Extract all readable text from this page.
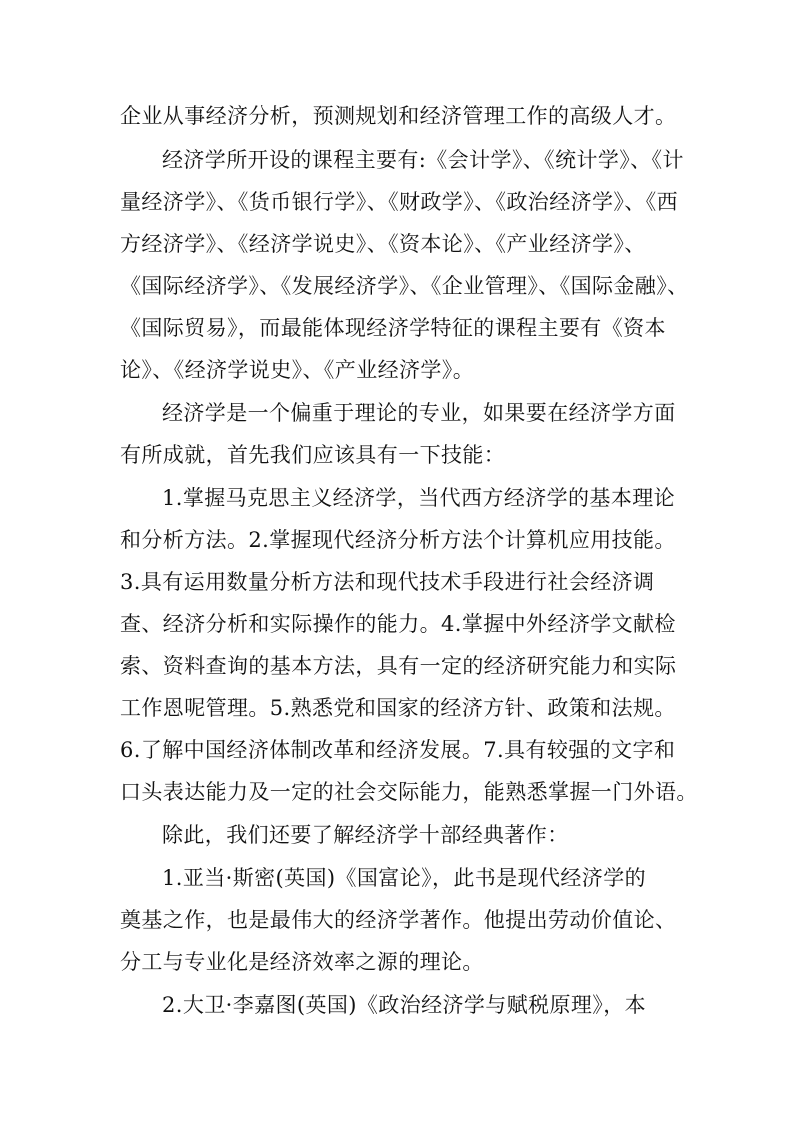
企业从事经济分析，预测规划和经济管理工作的高级人才。
经济学所开设的课程主要有:《会计学》、《统计学》、《计
量经济学》、《货币银行学》、《财政学》、《政治经济学》、《西
方经济学》、《经济学说史》、《资本论》、《产业经济学》、
《国际经济学》、《发展经济学》、《企业管理》、《国际金融》、
《国际贸易》，而最能体现经济学特征的课程主要有《资本
论》、《经济学说史》、《产业经济学》。
经济学是一个偏重于理论的专业，如果要在经济学方面
有所成就，首先我们应该具有一下技能：
1.掌握马克思主义经济学，当代西方经济学的基本理论
和分析方法。2.掌握现代经济分析方法个计算机应用技能。
3.具有运用数量分析方法和现代技术手段进行社会经济调
查、经济分析和实际操作的能力。4.掌握中外经济学文献检
索、资料查询的基本方法，具有一定的经济研究能力和实际
工作恩呢管理。5.熟悉党和国家的经济方针、政策和法规。
6.了解中国经济体制改革和经济发展。7.具有较强的文字和
口头表达能力及一定的社会交际能力，能熟悉掌握一门外语。
除此，我们还要了解经济学十部经典著作：
1.亚当·斯密(英国)《国富论》，此书是现代经济学的
奠基之作，也是最伟大的经济学著作。他提出劳动价值论、
分工与专业化是经济效率之源的理论。
2.大卫·李嘉图(英国)《政治经济学与赋税原理》，本
